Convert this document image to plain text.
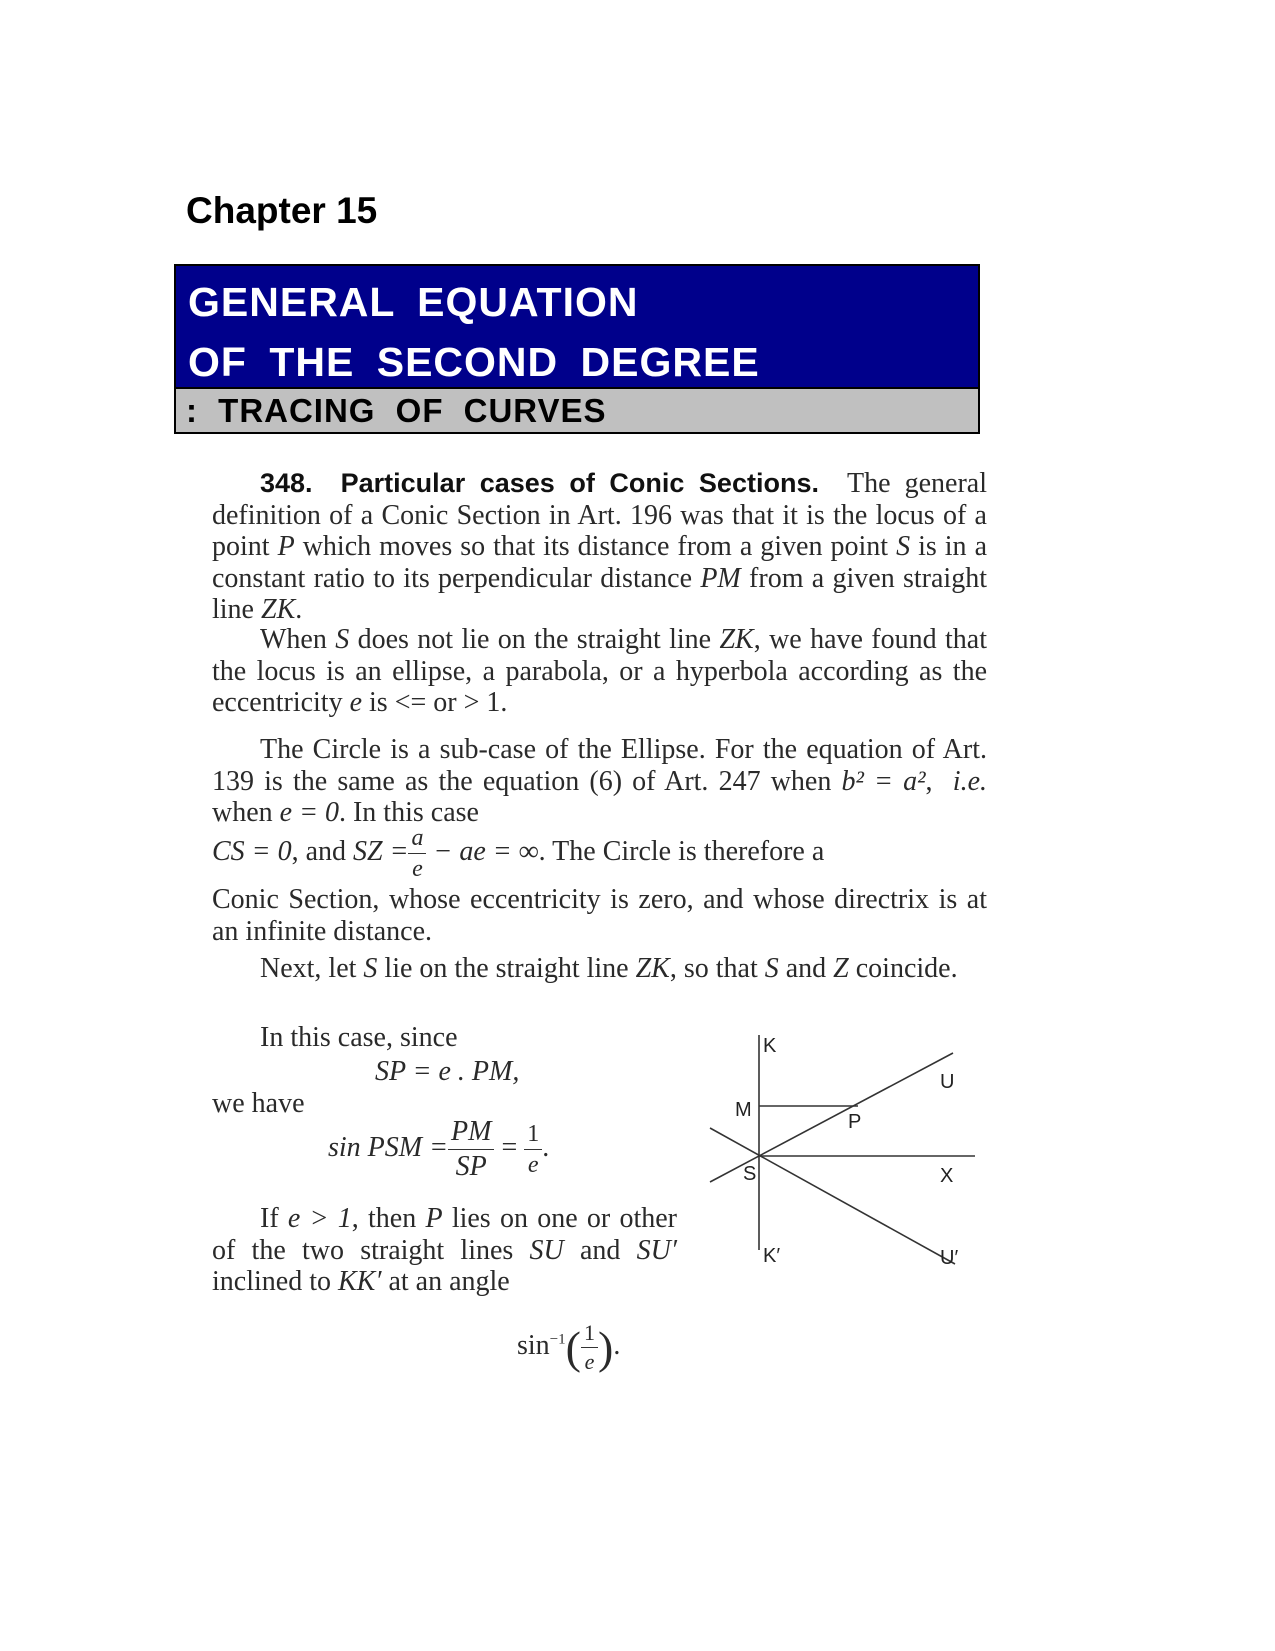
Chapter 15
GENERAL EQUATION
OF THE SECOND DEGREE
: TRACING OF CURVES
348. Particular cases of Conic Sections. The general definition of a Conic Section in Art. 196 was that it is the locus of a point P which moves so that its distance from a given point S is in a constant ratio to its perpendicular distance PM from a given straight line ZK.
When S does not lie on the straight line ZK, we have found that the locus is an ellipse, a parabola, or a hyperbola according as the eccentricity e is <= or > 1.
The Circle is a sub-case of the Ellipse. For the equation of Art. 139 is the same as the equation (6) of Art. 247 when b² = a²,  i.e. when e = 0. In this case
CS = 0, and SZ = $\frac{a}{e}$ − ae = ∞. The Circle is therefore a
Conic Section, whose eccentricity is zero, and whose directrix is at an infinite distance.
Next, let S lie on the straight line ZK, so that S and Z coincide.
In this case, since
SP = e . PM,
we have
sin PSM = $\frac{PM}{SP} = \frac{1}{e}$ .
If e > 1, then P lies on one or other of the two straight lines SU and SU′ inclined to KK′ at an angle
$\sin^{-1}( \frac{1}{e}$ ).
K
U
M
P
S	X
K′	U′
